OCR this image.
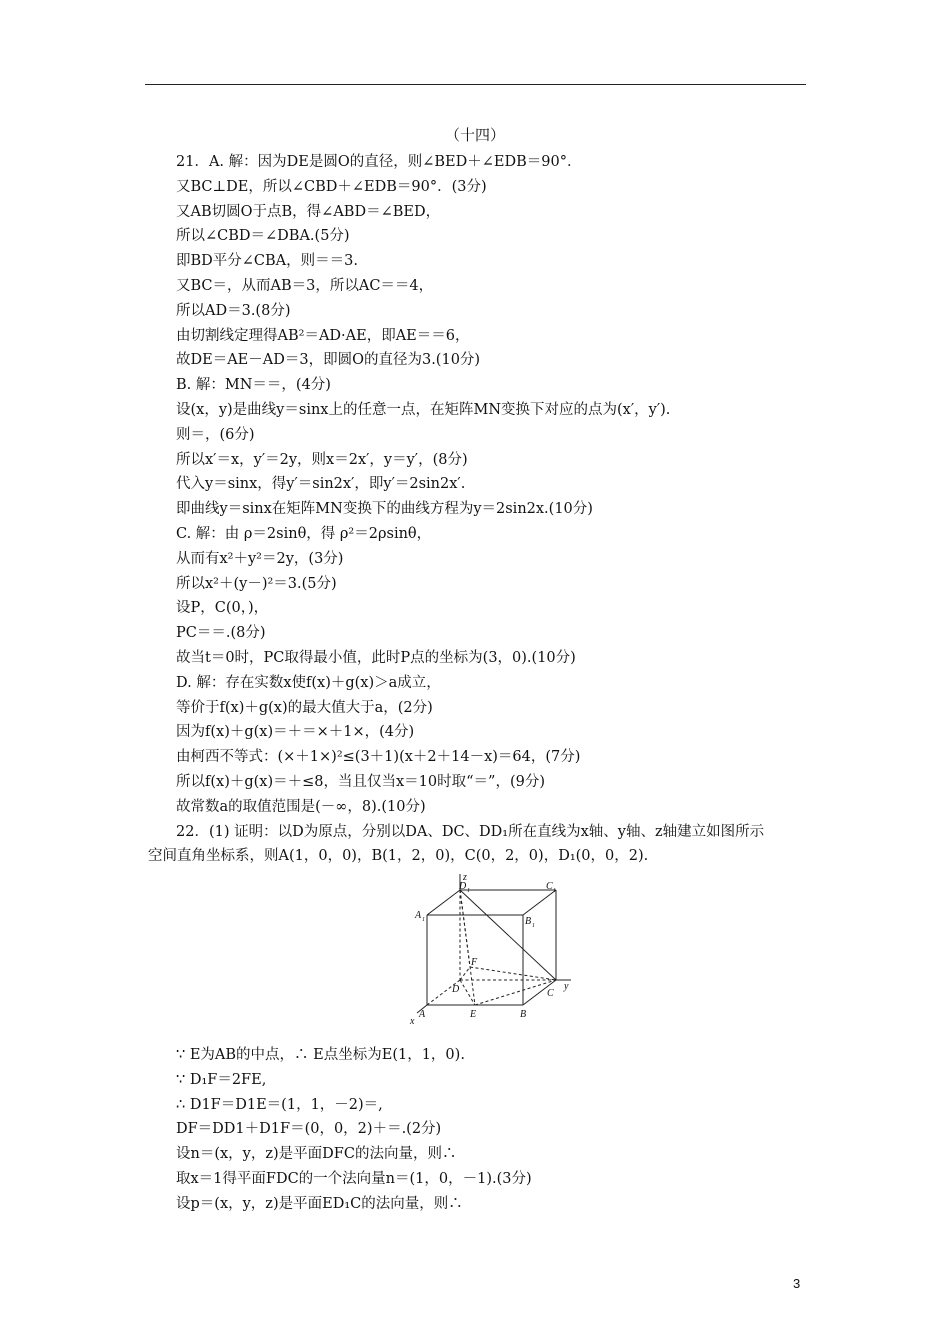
（十四）
21．A. 解：因为DE是圆O的直径，则∠BED＋∠EDB＝90°．
又BC⊥DE，所以∠CBD＋∠EDB＝90°．(3分)
又AB切圆O于点B，得∠ABD＝∠BED，
所以∠CBD＝∠DBA.(5分)
即BD平分∠CBA，则＝＝3.
又BC＝，从而AB＝3，所以AC＝＝4，
所以AD＝3.(8分)
由切割线定理得AB²＝AD·AE，即AE＝＝6，
故DE＝AE－AD＝3，即圆O的直径为3.(10分)
B. 解：MN＝＝，(4分)
设(x，y)是曲线y＝sinx上的任意一点，在矩阵MN变换下对应的点为(x′，y′).
则＝，(6分)
所以x′＝x，y′＝2y，则x＝2x′，y＝y′，(8分)
代入y＝sinx，得y′＝sin2x′，即y′＝2sin2x′.
即曲线y＝sinx在矩阵MN变换下的曲线方程为y＝2sin2x.(10分)
C. 解：由 ρ＝2sinθ，得 ρ²＝2ρsinθ，
从而有x²＋y²＝2y，(3分)
所以x²＋(y－)²＝3.(5分)
设P，C(0，)，
PC＝＝.(8分)
故当t＝0时，PC取得最小值，此时P点的坐标为(3，0).(10分)
D. 解：存在实数x使f(x)＋g(x)＞a成立，
等价于f(x)＋g(x)的最大值大于a，(2分)
因为f(x)＋g(x)＝＋＝×＋1×，(4分)
由柯西不等式：(×＋1×)²≤(3＋1)(x＋2＋14－x)＝64，(7分)
所以f(x)＋g(x)＝＋≤8，当且仅当x＝10时取“＝”，(9分)
故常数a的取值范围是(－∞，8).(10分)
22．(1) 证明：以D为原点，分别以DA、DC、DD₁所在直线为x轴、y轴、z轴建立如图所示
空间直角坐标系，则A(1，0，0)，B(1，2，0)，C(0，2，0)，D₁(0，0，2).
z
y
x
D 1	C 1
A 1	B 1
F
D	C
A	E	B
∵ E为AB的中点，∴ E点坐标为E(1，1，0).
∵ D₁F＝2FE,
∴ D1F＝D1E＝(1，1，－2)＝,
DF＝DD1＋D1F＝(0，0，2)＋＝.(2分)
设n＝(x，y，z)是平面DFC的法向量，则∴
取x＝1得平面FDC的一个法向量n＝(1，0，－1).(3分)
设p＝(x，y，z)是平面ED₁C的法向量，则∴
3
